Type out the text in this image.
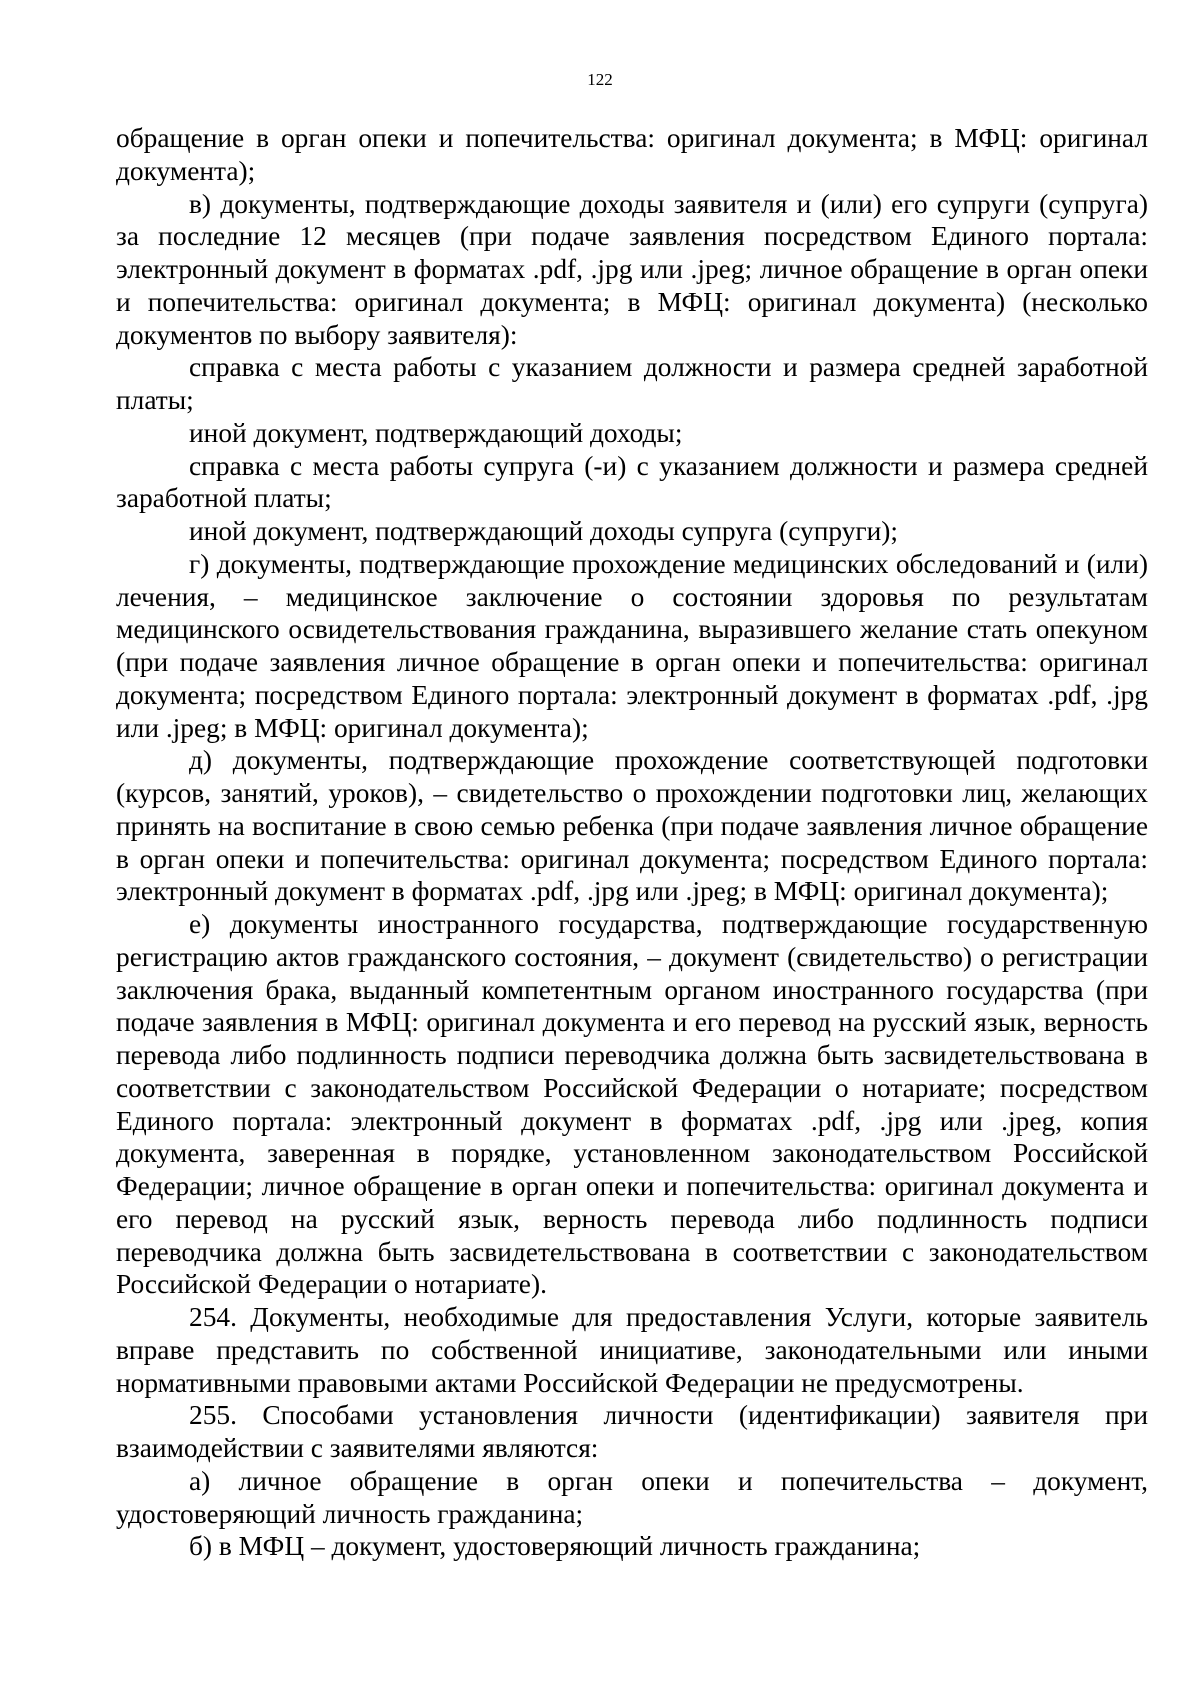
122

обращение в орган опеки и попечительства: оригинал документа; в МФЦ: оригинал документа);

в) документы, подтверждающие доходы заявителя и (или) его супруги (супруга) за последние 12 месяцев (при подаче заявления посредством Единого портала: электронный документ в форматах .pdf, .jpg или .jpeg; личное обращение в орган опеки и попечительства: оригинал документа; в МФЦ: оригинал документа) (несколько документов по выбору заявителя):

справка с места работы с указанием должности и размера средней заработной платы;

иной документ, подтверждающий доходы;

справка с места работы супруга (-и) с указанием должности и размера средней заработной платы;

иной документ, подтверждающий доходы супруга (супруги);

г) документы, подтверждающие прохождение медицинских обследований и (или) лечения, – медицинское заключение о состоянии здоровья по результатам медицинского освидетельствования гражданина, выразившего желание стать опекуном (при подаче заявления личное обращение в орган опеки и попечительства: оригинал документа; посредством Единого портала: электронный документ в форматах .pdf, .jpg или .jpeg; в МФЦ: оригинал документа);

д) документы, подтверждающие прохождение соответствующей подготовки (курсов, занятий, уроков), – свидетельство о прохождении подготовки лиц, желающих принять на воспитание в свою семью ребенка (при подаче заявления личное обращение в орган опеки и попечительства: оригинал документа; посредством Единого портала: электронный документ в форматах .pdf, .jpg или .jpeg; в МФЦ: оригинал документа);

е) документы иностранного государства, подтверждающие государственную регистрацию актов гражданского состояния, – документ (свидетельство) о регистрации заключения брака, выданный компетентным органом иностранного государства (при подаче заявления в МФЦ: оригинал документа и его перевод на русский язык, верность перевода либо подлинность подписи переводчика должна быть засвидетельствована в соответствии с законодательством Российской Федерации о нотариате; посредством Единого портала: электронный документ в форматах .pdf, .jpg или .jpeg, копия документа, заверенная в порядке, установленном законодательством Российской Федерации; личное обращение в орган опеки и попечительства: оригинал документа и его перевод на русский язык, верность перевода либо подлинность подписи переводчика должна быть засвидетельствована в соответствии с законодательством Российской Федерации о нотариате).

254. Документы, необходимые для предоставления Услуги, которые заявитель вправе представить по собственной инициативе, законодательными или иными нормативными правовыми актами Российской Федерации не предусмотрены.

255. Способами установления личности (идентификации) заявителя при взаимодействии с заявителями являются:

а) личное обращение в орган опеки и попечительства – документ, удостоверяющий личность гражданина;

б) в МФЦ – документ, удостоверяющий личность гражданина;
